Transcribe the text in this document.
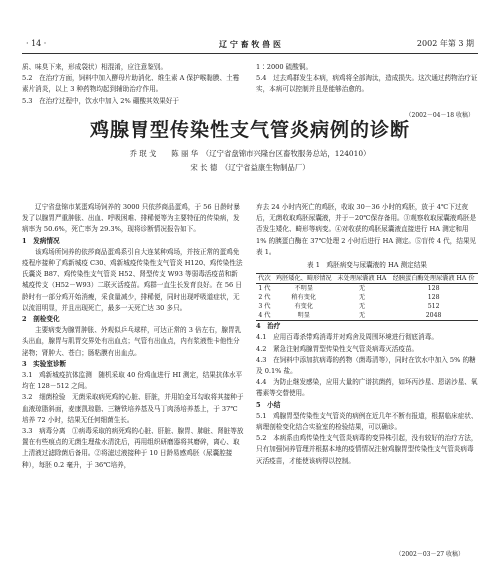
· 14 ·	辽 宁 畜 牧 兽 医	2002 年第 3 期

质、味臭下来，形成袋状）相混淆，应注意鉴别。

5.2　在治疗方面，饲料中加入酵母片助消化、维生素 A 保护喉黏膜、土霉素片消炎，以上 3 种药物均起到辅助治疗作用。

5.3　在治疗过程中，饮水中加入 2% 硼酸其效果好于

1∶2000 硫酸铜。

5.4　过去鸡群发生本病，病鸡将全部淘汰，造成损失。这次通过药物治疗证实，本病可以控制并且是能够治愈的。

（2002－04－18 收稿）
鸡腺胃型传染性支气管炎病例的诊断
乔 珉 戈　　陈 丽 华　（辽宁省盘锦市兴隆台区畜牧服务总站，124010）
宋 长 德　（辽宁省益康生物制品厂）

辽宁省盘锦市某蛋鸡场饲养的 3000 只依莎商品蛋鸡，于 56 日龄时暴发了以腺胃严重肿胀、出血、呼吸困难、排稀便等为主要特征的传染病，发病率为 50.6%，死亡率为 29.3%，现将诊断情况报告如下。

1　发病情况

该鸡场所饲养的依莎商品蛋鸡系引自大连某种鸡场，并按正常的蛋鸡免疫程序接种了鸡新城疫 C30、鸡新城疫传染性支气管炎 H120、鸡传染性法氏囊炎 B87、鸡传染性支气管炎 H52、肾型传支 W93 等弱毒活疫苗和新城疫传支（H52－W93）二联灭活疫苗。鸡群一直生长发育良好。在 56 日龄时有一部分鸡开始消瘦，采食量减少，排稀便，同时出现呼吸道症状，无以流泪明显，并且出现死亡，最多一天死亡达 30 多只。

2　剖检变化

主要病变为腺胃肿胀、外观似乒乓球样，可达正常的 3 倍左右，腺胃乳头出血，腺胃与肌胃交界处有出血点；气管有出血点，内有浆液性卡他性分泌物；肾肿大、苍白；肠粘膜有出血点。

3　实验室诊断

3.1　鸡新城疫抗体监测　随机采取 40 份鸡血进行 HI 测定，结果抗体水平均在 128－512 之间。

3.2　细菌检验　无菌采取病死鸡的心脏、肝脏，并用铂金耳勾取将其接种于血液琼脂斜面，麦康凯琼脂、三糖铁培养基及马丁肉汤培养基上，于 37℃培养 72 小时，结果无任何细菌生长。

3.3　病毒分离　①病毒采取的病死鸡的心脏、肝脏、腺胃、肺脏、肾脏等放置在有些痕点的无菌生理盐水清洗后，再用组织研磨器将其磨碎，离心、取上清液过滤除菌后备用。②将滤过液接种于 10 日龄易感鸡胚（尿囊腔接种），每胚 0.2 毫升，于 36℃培养，

弃去 24 小时内死亡的鸡胚，收取 30－36 小时的鸡胚，放于 4℃下过夜后，无菌收取鸡胚尿囊液，并于－20℃保存备用。③观察收取尿囊液鸡胚是否发生矮化、畸形等病变。④对收获的鸡胚尿囊液直接进行 HA 测定和用 1% 的胰蛋白酶在 37℃处理 2 小时后进行 HA 测定。⑤盲传 4 代，结果见表 1。

表 1　鸡胚病变与尿囊液的 HA 测定结果
代次	鸡胚矮化、畸形情况	未处理尿囊液 HA	经胰蛋白酶处理尿囊液 HA 价
1 代	不明显	无	128
2 代	稍有变化	无	128
3 代	有变化	无	512
4 代	明显	无	2048

4　治疗

4.1　应用百毒杀带鸡消毒并对鸡舍及周围环境进行彻底消毒。

4.2　紧急注射鸡腺胃型传染性支气管炎病毒灭活疫苗。

4.3　在饲料中添加抗病毒的药物（菌毒清等），同时在饮水中加入 5% 的糖及 0.1% 盐。

4.4　为防止继发感染，应用大量的广谱抗菌药，如环丙沙星、恩诺沙星、氧霉素等交替使用。

5　小结

5.1　鸡腺胃型传染性支气管炎的病例在近几年不断有报道，根据临床症状、病理剖检变化结合实验室的检验结果，可以确诊。

5.2　本病系由鸡传染性支气管炎病毒的变异株引起，没有较好的治疗方法，只有加强饲养管理并根据本地的疫情情况注射鸡腺胃型传染性支气管炎病毒灭活疫苗，才能使该病得以控制。

（2002－03－27 收稿）
